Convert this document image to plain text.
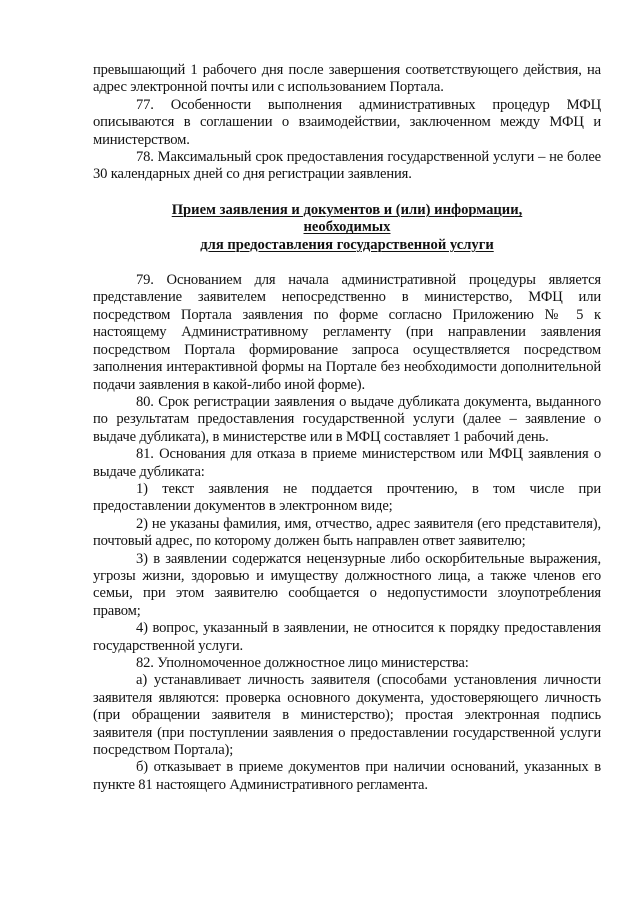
превышающий 1 рабочего дня после завершения соответствующего действия, на адрес электронной почты или с использованием Портала.

77. Особенности выполнения административных процедур МФЦ описываются в соглашении о взаимодействии, заключенном между МФЦ и министерством.

78. Максимальный срок предоставления государственной услуги – не более 30 календарных дней со дня регистрации заявления.

Прием заявления и документов и (или) информации, необходимых
для предоставления государственной услуги

79. Основанием для начала административной процедуры является представление заявителем непосредственно в министерство, МФЦ или посредством Портала заявления по форме согласно Приложению № 5 к настоящему Административному регламенту (при направлении заявления посредством Портала формирование запроса осуществляется посредством заполнения интерактивной формы на Портале без необходимости дополнительной подачи заявления в какой-либо иной форме).

80. Срок регистрации заявления о выдаче дубликата документа, выданного по результатам предоставления государственной услуги (далее – заявление о выдаче дубликата), в министерстве или в МФЦ составляет 1 рабочий день.

81. Основания для отказа в приеме министерством или МФЦ заявления о выдаче дубликата:

1) текст заявления не поддается прочтению, в том числе при предоставлении документов в электронном виде;

2) не указаны фамилия, имя, отчество, адрес заявителя (его представителя), почтовый адрес, по которому должен быть направлен ответ заявителю;

3) в заявлении содержатся нецензурные либо оскорбительные выражения, угрозы жизни, здоровью и имуществу должностного лица, а также членов его семьи, при этом заявителю сообщается о недопустимости злоупотребления правом;

4) вопрос, указанный в заявлении, не относится к порядку предоставления государственной услуги.

82. Уполномоченное должностное лицо министерства:

а) устанавливает личность заявителя (способами установления личности заявителя являются: проверка основного документа, удостоверяющего личность (при обращении заявителя в министерство); простая электронная подпись заявителя (при поступлении заявления о предоставлении государственной услуги посредством Портала);

б) отказывает в приеме документов при наличии оснований, указанных в пункте 81 настоящего Административного регламента.
